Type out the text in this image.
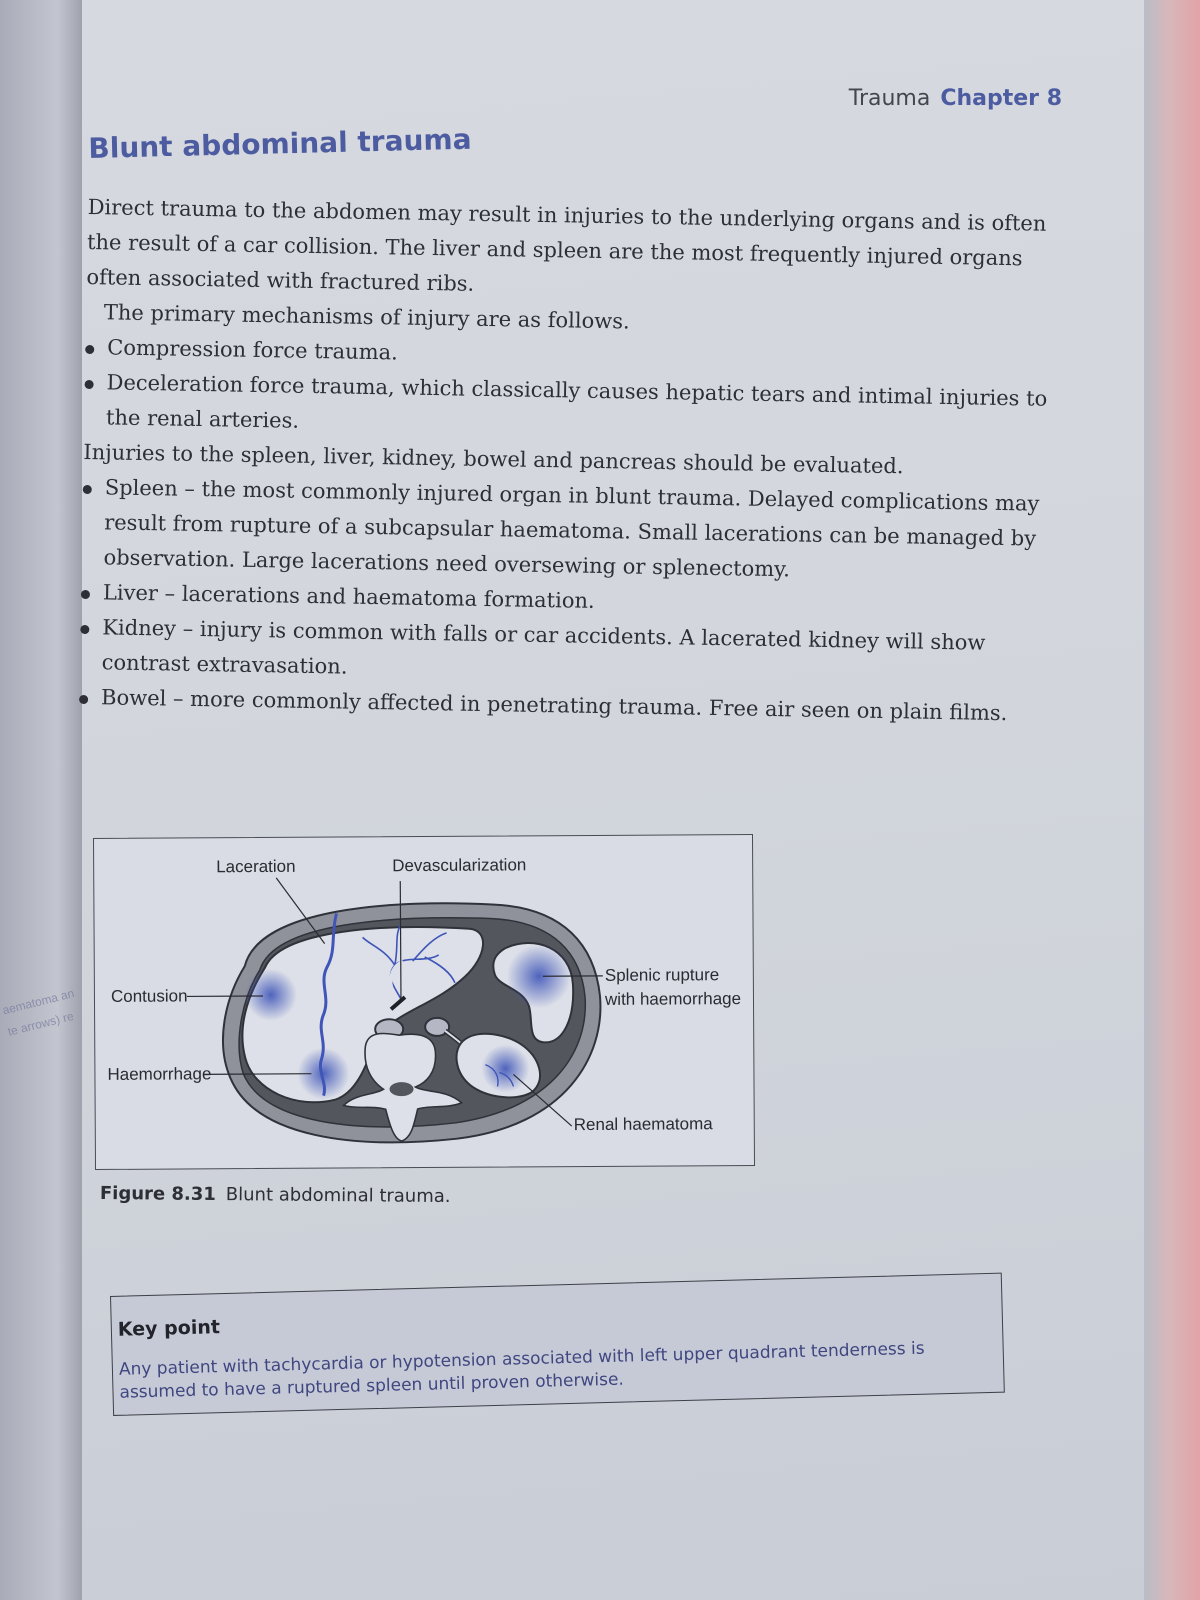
aematoma an
te arrows) re
Trauma Chapter 8
Blunt abdominal trauma

Direct trauma to the abdomen may result in injuries to the underlying organs and is often the result of a car collision. The liver and spleen are the most frequently injured organs often associated with fractured ribs.

The primary mechanisms of injury are as follows.

Compression force trauma.
Deceleration force trauma, which classically causes hepatic tears and intimal injuries to the renal arteries.

Injuries to the spleen, liver, kidney, bowel and pancreas should be evaluated.

Spleen – the most commonly injured organ in blunt trauma. Delayed complications may result from rupture of a subcapsular haematoma. Small lacerations can be managed by observation. Large lacerations need oversewing or splenectomy.
Liver – lacerations and haematoma formation.
Kidney – injury is common with falls or car accidents. A lacerated kidney will show contrast extravasation.
Bowel – more commonly affected in penetrating trauma. Free air seen on plain films.
Laceration	Devascularization
Contusion
Haemorrhage
Splenic rupture
with haemorrhage
Renal haematoma
Figure 8.31 Blunt abdominal trauma.
Key point
Any patient with tachycardia or hypotension associated with left upper quadrant tenderness is assumed to have a ruptured spleen until proven otherwise.
